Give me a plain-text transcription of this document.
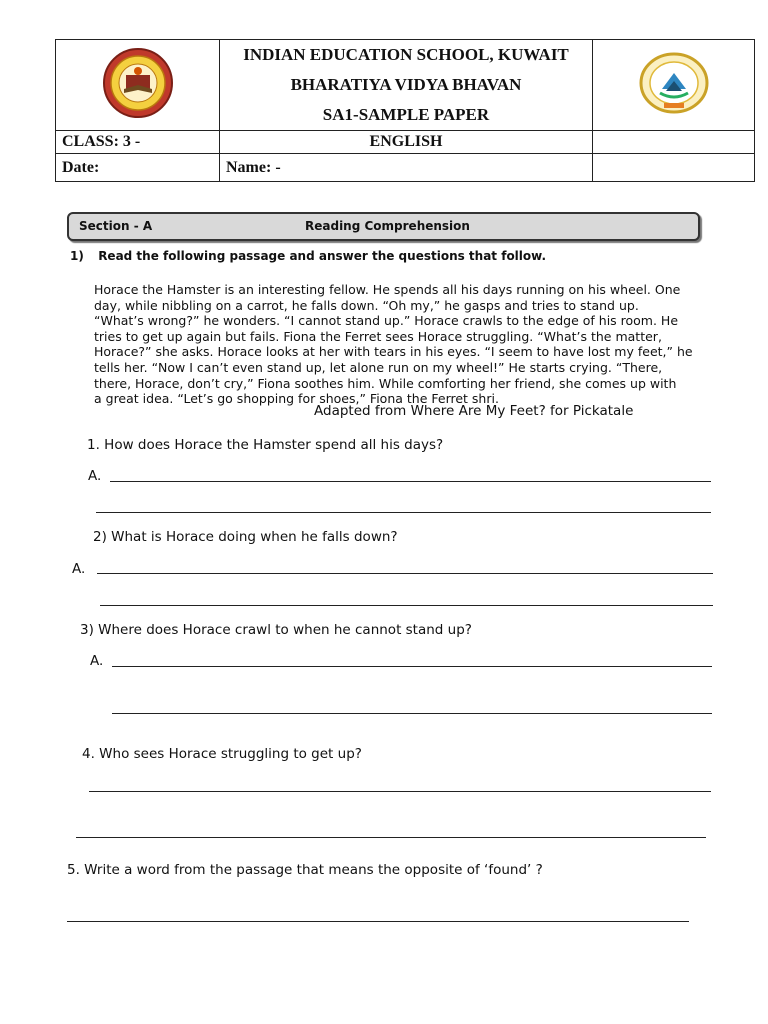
INDIAN EDUCATION SCHOOL, KUWAIT
BHARATIYA VIDYA BHAVAN
SA1-SAMPLE PAPER

CLASS: 3 -	ENGLISH	
Date:	Name: -	
Section - A	Reading Comprehension
1) Read the following passage and answer the questions that follow.
Horace the Hamster is an interesting fellow. He spends all his days running on his wheel. One
day, while nibbling on a carrot, he falls down. “Oh my,” he gasps and tries to stand up.
“What’s wrong?” he wonders. “I cannot stand up.” Horace crawls to the edge of his room. He
tries to get up again but fails. Fiona the Ferret sees Horace struggling. “What’s the matter,
Horace?” she asks. Horace looks at her with tears in his eyes. “I seem to have lost my feet,” he
tells her. “Now I can’t even stand up, let alone run on my wheel!” He starts crying. “There,
there, Horace, don’t cry,” Fiona soothes him. While comforting her friend, she comes up with
a great idea. “Let’s go shopping for shoes,” Fiona the Ferret shri.
Adapted from Where Are My Feet? for Pickatale
1. How does Horace the Hamster spend all his days?
A.
2) What is Horace doing when he falls down?
A.
3) Where does Horace crawl to when he cannot stand up?
A.
4. Who sees Horace struggling to get up?
5. Write a word from the passage that means the opposite of ‘found’ ?
